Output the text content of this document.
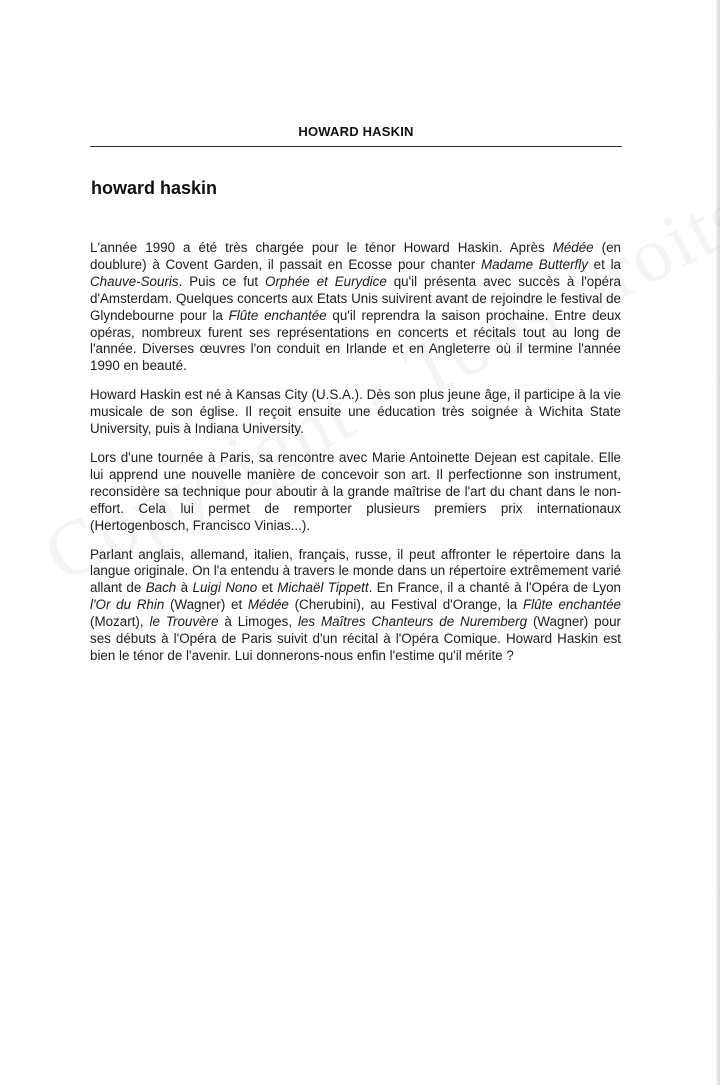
HOWARD HASKIN
howard haskin

L'année 1990 a été très chargée pour le ténor Howard Haskin. Après Médée (en doublure) à Covent Garden, il passait en Ecosse pour chanter Madame Butterfly et la Chauve-Souris. Puis ce fut Orphée et Eurydice qu'il présenta avec succès à l'opéra d'Amsterdam. Quelques concerts aux Etats Unis suivirent avant de rejoindre le festival de Glyndebourne pour la Flûte enchantée qu'il reprendra la saison prochaine. Entre deux opéras, nombreux furent ses représentations en concerts et récitals tout au long de l'année. Diverses œuvres l'on conduit en Irlande et en Angleterre où il termine l'année 1990 en beauté.

Howard Haskin est né à Kansas City (U.S.A.). Dès son plus jeune âge, il participe à la vie musicale de son église. Il reçoit ensuite une éducation très soignée à Wichita State University, puis à Indiana University.

Lors d'une tournée à Paris, sa rencontre avec Marie Antoinette Dejean est capitale. Elle lui apprend une nouvelle manière de concevoir son art. Il perfectionne son instrument, reconsidère sa technique pour aboutir à la grande maîtrise de l'art du chant dans le non-effort. Cela lui permet de remporter plusieurs premiers prix internationaux (Hertogenbosch, Francisco Vinias...).

Parlant anglais, allemand, italien, français, russe, il peut affronter le répertoire dans la langue originale. On l'a entendu à travers le monde dans un répertoire extrêmement varié allant de Bach à Luigi Nono et Michaël Tippett. En France, il a chanté à l'Opéra de Lyon l'Or du Rhin (Wagner) et Médée (Cherubini), au Festival d'Orange, la Flûte enchantée (Mozart), le Trouvère à Limoges, les Maîtres Chanteurs de Nuremberg (Wagner) pour ses débuts à l'Opéra de Paris suivit d'un récital à l'Opéra Comique. Howard Haskin est bien le ténor de l'avenir. Lui donnerons-nous enfin l'estime qu'il mérite ?
